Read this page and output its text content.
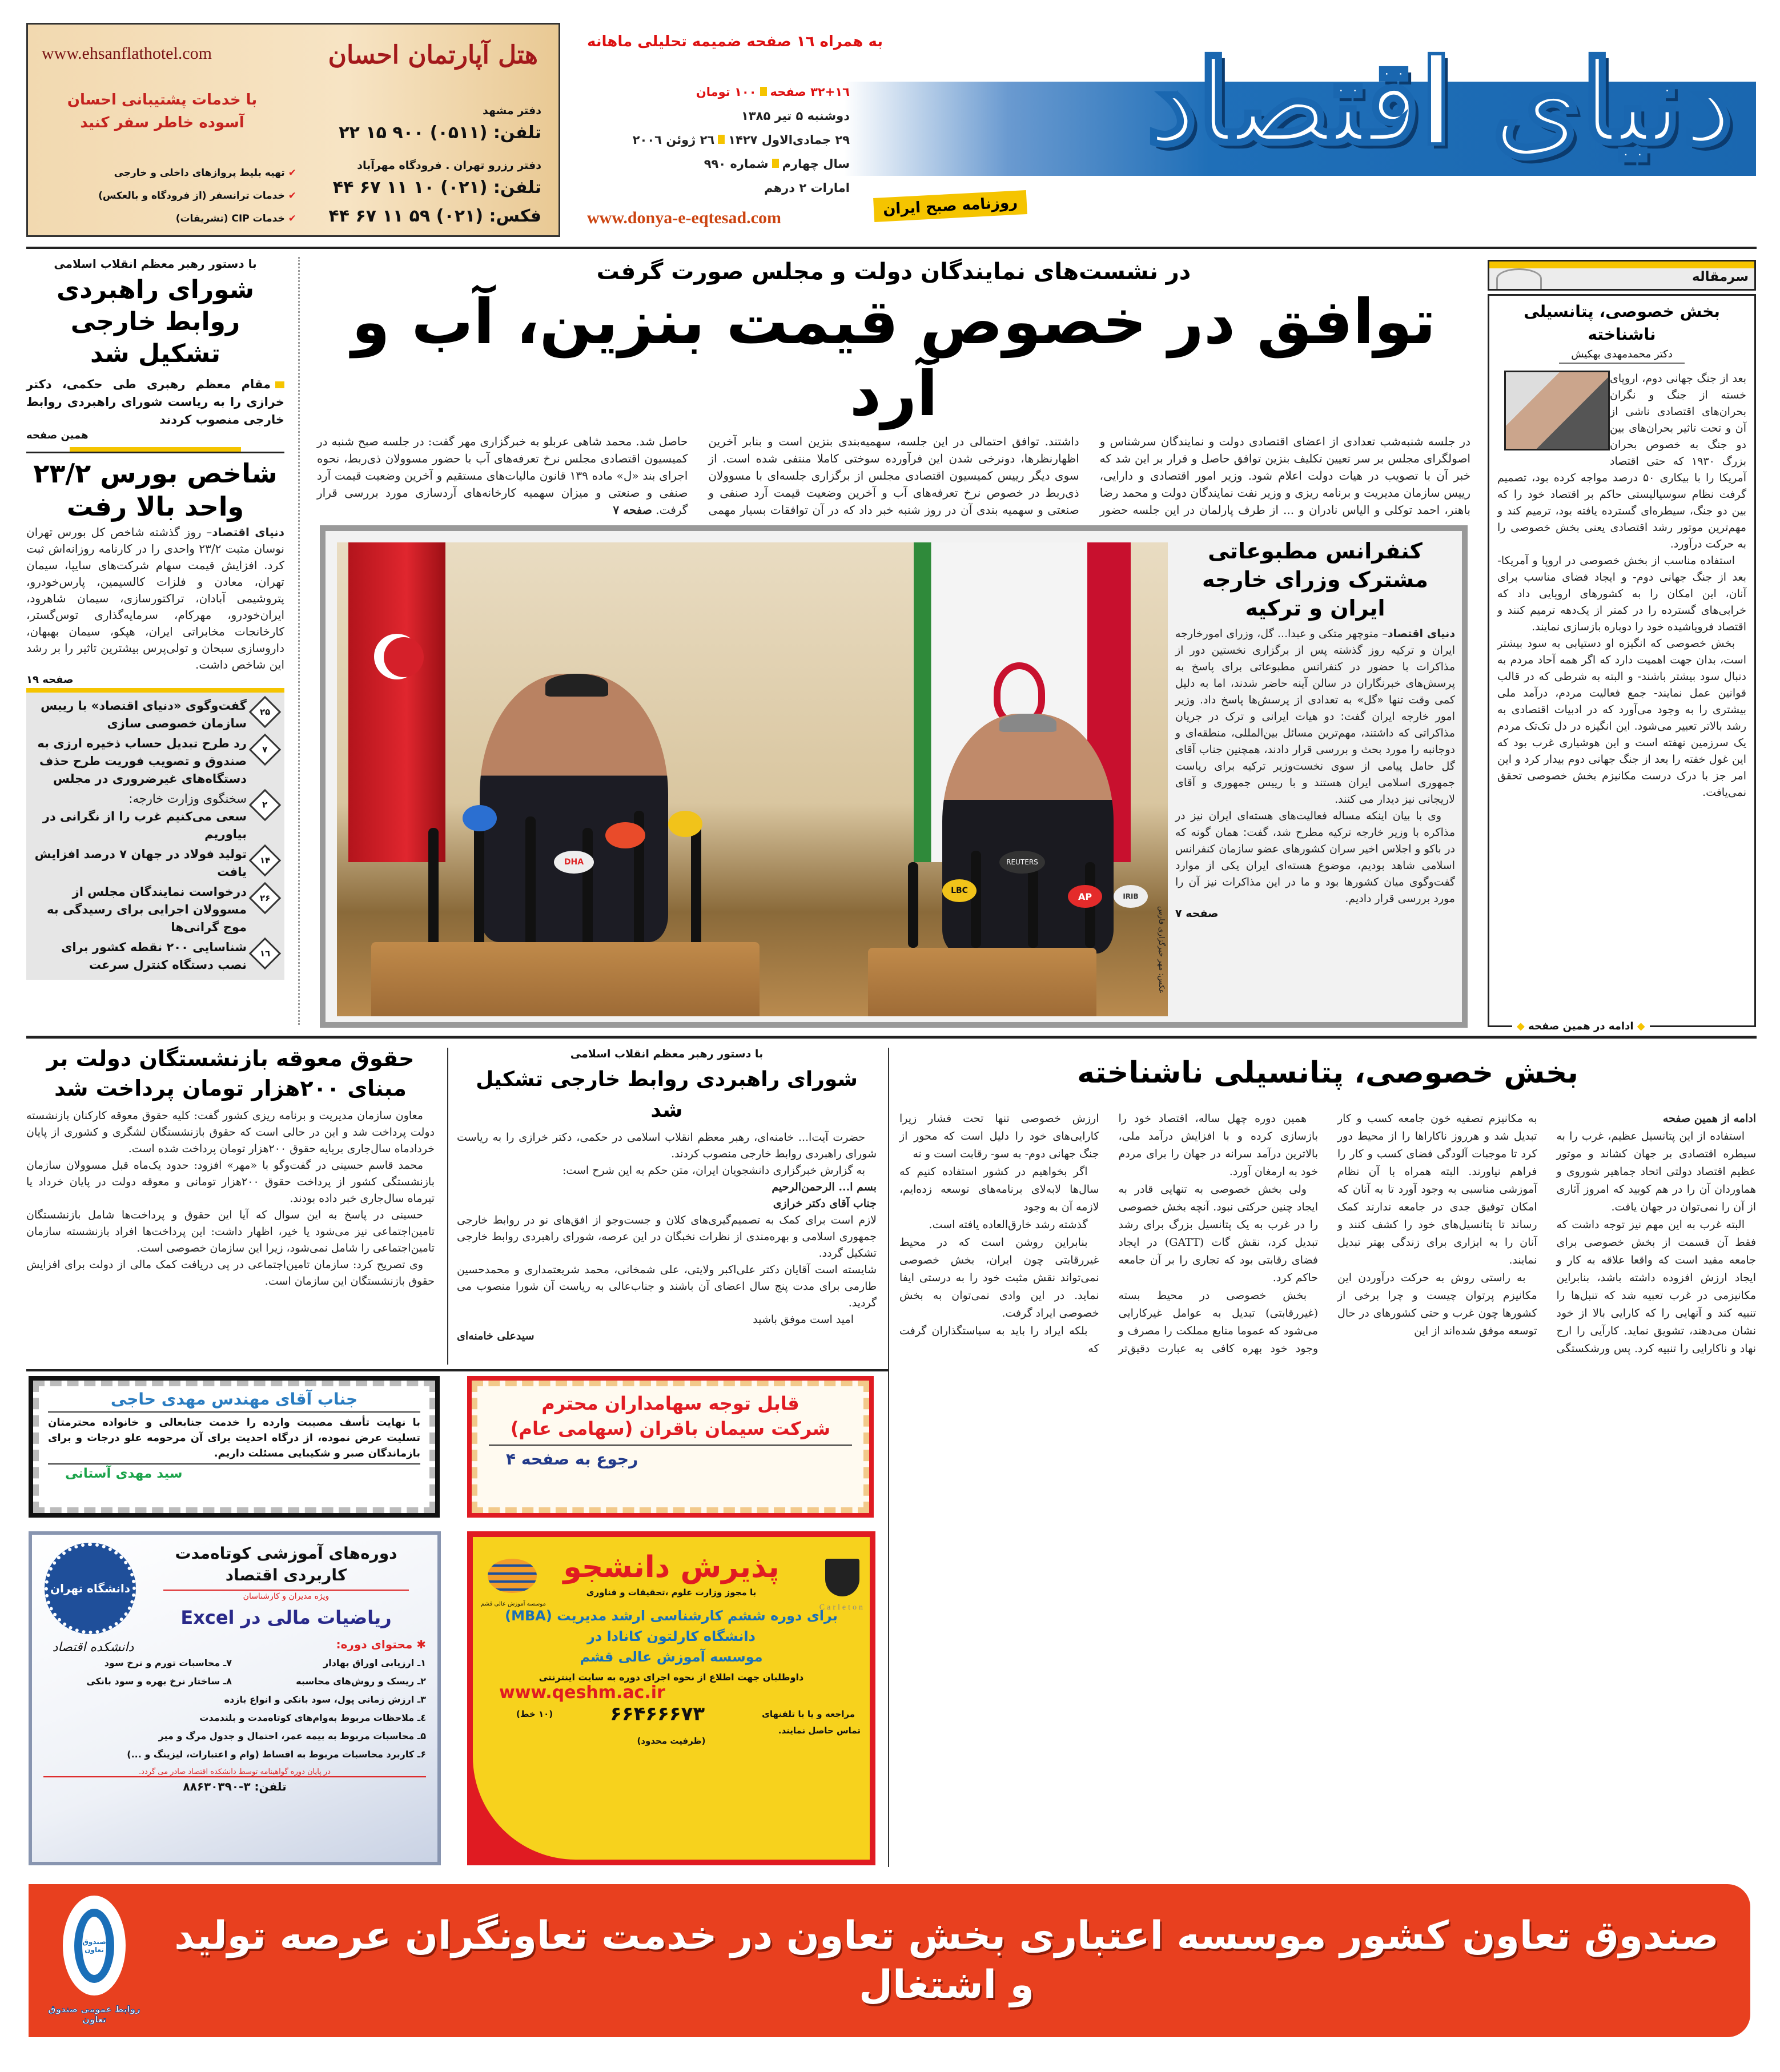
www.ehsanflathotel.com	هتل آپارتمان احسان
با خدمات پشتیبانی احسان
آسوده خاطر سفر کنید
✔تهیه بلیط پروازهای داخلی و خارجی
✔خدمات ترانسفر (از فرودگاه و بالعکس)
✔خدمات CIP (تشریفات)
دفتر مشهد
تلفن: (۰۵۱۱) ۹۰۰ ۱۵ ۲۲
دفتر رزرو تهران . فرودگاه مهرآباد
تلفن: (۰۲۱) ۱۰ ۱۱ ۶۷ ۴۴
فکس: (۰۲۱) ۵۹ ۱۱ ۶۷ ۴۴
دنیای اقتصاد
روزنامه صبح ایران
به همراه ۱٦ صفحه ضمیمه تحلیلی ماهانه
۱٦+۳۲ صفحه۱۰۰ تومان
دوشنبه ۵ تیر ۱۳۸۵
۲۹ جمادی‌الاول ۱۴۲۷۲٦ ژوئن ۲۰۰٦
سال چهارمشماره ۹۹۰
امارات ۲ درهم
www.donya-e-eqtesad.com
با دستور رهبر معظم انقلاب اسلامی
شورای راهبردی روابط خارجی تشکیل شد
مقام معظم رهبری طی حکمی، دکتر خرازی را به ریاست شورای راهبردی روابط خارجی منصوب کردند
همین صفحه
شاخص بورس ۲۳/۲ واحد بالا رفت
دنیای اقتصاد– روز گذشته شاخص کل بورس تهران نوسان مثبت ۲۳/۲ واحدی را در کارنامه روزانه‌اش ثبت کرد. افزایش قیمت سهام شرکت‌های سایپا، سیمان تهران، معادن و فلزات کالسیمین، پارس‌خودرو، پتروشیمی آبادان، تراکتورسازی، سیمان شاهرود، ایران‌خودرو، مهرکام، سرمایه‌گذاری توس‌گستر، کارخانجات مخابراتی ایران، هپکو، سیمان بهبهان، داروسازی سبحان و تولی‌پرس بیشترین تاثیر را بر رشد این شاخص داشت.
صفحه ۱۹
۲۵
گفت‌وگوی «دنیای اقتصاد» با رییس سازمان خصوصی سازی
۷
رد طرح تبدیل حساب ذخیره ارزی به صندوق و تصویب فوریت طرح حذف دستگاه‌های غیرضروری در مجلس
۲
سخنگوی وزارت خارجه:
سعی می‌کنیم غرب را از نگرانی در بیاوریم
۱۴
تولید فولاد در جهان ۷ درصد افزایش یافت
۲۶
درخواست نمایندگان مجلس از مسوولان اجرایی برای رسیدگی به موج گرانی‌ها
۱٦
شناسایی ۲۰۰ نقطه کشور برای نصب دستگاه کنترل سرعت
در نشست‌های نمایندگان دولت و مجلس صورت گرفت
توافق در خصوص قیمت بنزین، آب و آرد
در جلسه شنبه‌شب تعدادی از اعضای اقتصادی دولت و نمایندگان سرشناس و اصولگرای مجلس بر سر تعیین تکلیف بنزین توافق حاصل و قرار بر این شد که خبر آن با تصویب در هیات دولت اعلام شود. وزیر امور اقتصادی و دارایی، رییس سازمان مدیریت و برنامه ریزی و وزیر نفت نمایندگان دولت و محمد رضا باهنر، احمد توکلی و الیاس نادران و ... از طرف پارلمان در این جلسه حضور داشتند. توافق احتمالی در این جلسه، سهمیه‌بندی بنزین است و بنابر آخرین اظهارنظرها، دونرخی شدن این فرآورده سوختی کاملا منتفی شده است. از سوی دیگر رییس کمیسیون اقتصادی مجلس از برگزاری جلسه‌ای با مسوولان ذی‌ربط در خصوص نرخ تعرفه‌های آب و آخرین وضعیت قیمت آرد صنفی و صنعتی و سهمیه بندی آن در روز شنبه خبر داد که در آن توافقات بسیار مهمی حاصل شد. محمد شاهی عربلو به خبرگزاری مهر گفت: در جلسه صبح شنبه در کمیسیون اقتصادی مجلس نرخ تعرفه‌های آب با حضور مسوولان ذی‌ربط، نحوه اجرای بند «ل» ماده ۱۳۹ قانون مالیات‌های مستقیم و آخرین وضعیت قیمت آرد صنفی و صنعتی و میزان سهمیه کارخانه‌های آردسازی مورد بررسی قرار گرفت. صفحه ۷
LBC
REUTERS
AP
DHA
IRIB
عکس: مهر خبرگزاری فارس
کنفرانس مطبوعاتی مشترک وزرای خارجه ایران و ترکیه
دنیای اقتصاد– منوچهر متکی و عبدا... گل، وزرای امورخارجه ایران و ترکیه روز گذشته پس از برگزاری نخستین دور از مذاکرات با حضور در کنفرانس مطبوعاتی برای پاسخ به پرسش‌های خبرنگاران در سالن آینه حاضر شدند، اما به دلیل کمی وقت تنها «گل» به تعدادی از پرسش‌ها پاسخ داد. وزیر امور خارجه ایران گفت: دو هیات ایرانی و ترک در جریان مذاکراتی که داشتند، مهم‌ترین مسائل بین‌المللی، منطقه‌ای و دوجانبه را مورد بحث و بررسی قرار دادند، همچنین جناب آقای گل حامل پیامی از سوی نخست‌وزیر ترکیه برای ریاست جمهوری اسلامی ایران هستند و با رییس جمهوری و آقای لاریجانی نیز دیدار می کنند.
وی با بیان اینکه مساله فعالیت‌های هسته‌ای ایران نیز در مذاکره با وزیر خارجه ترکیه مطرح شد، گفت: همان گونه که در باکو و اجلاس اخیر سران کشورهای عضو سازمان کنفرانس اسلامی شاهد بودیم، موضوع هسته‌ای ایران یکی از موارد گفت‌وگوی میان کشورها بود و ما در این مذاکرات نیز آن را مورد بررسی قرار دادیم.
صفحه ۷
سرمقاله
بخش خصوصی، پتانسیلی ناشناخته
دکتر محمدمهدی بهکیش
بعد از جنگ جهانی دوم، اروپای خسته از جنگ و نگران بحران‌های اقتصادی ناشی از آن و تحت تاثیر بحران‌های بین دو جنگ به خصوص بحران بزرگ ۱۹۳۰ که حتی اقتصاد آمریکا را با بیکاری ۵۰ درصد مواجه کرده بود، تصمیم گرفت نظام سوسیالیستی حاکم بر اقتصاد خود را که بین دو جنگ، سیطره‌ای گسترده یافته بود، ترمیم کند و مهم‌ترین موتور رشد اقتصادی یعنی بخش خصوصی را به حرکت درآورد.
استفاده مناسب از بخش خصوصی در اروپا و آمریکا- بعد از جنگ جهانی دوم- و ایجاد فضای مناسب برای آنان، این امکان را به کشورهای اروپایی داد که خرابی‌های گسترده را در کمتر از یک‌دهه ترمیم کنند و اقتصاد فروپاشیده خود را دوباره بازسازی نمایند.
بخش خصوصی که انگیزه او دستیابی به سود بیشتر است، بدان جهت اهمیت دارد که اگر همه آحاد مردم به دنبال سود بیشتر باشند- و البته به شرطی که در قالب قوانین عمل نمایند- جمع فعالیت مردم، درآمد ملی بیشتری را به وجود می‌آورد که در ادبیات اقتصادی به رشد بالاتر تعبیر می‌شود. این انگیزه در دل تک‌تک مردم یک سرزمین نهفته است و این هوشیاری غرب بود که این غول خفته را بعد از جنگ جهانی دوم بیدار کرد و این امر جز با درک درست مکانیزم بخش خصوصی تحقق نمی‌یافت.
◆ ادامه در همین صفحه ◆
حقوق معوقه بازنشستگان دولت بر مبنای ۲۰۰هزار تومان پرداخت شد

معاون سازمان مدیریت و برنامه ریزی کشور گفت: کلیه حقوق معوقه کارکنان بازنشسته دولت پرداخت شد و این در حالی است که حقوق بازنشستگان لشگری و کشوری از پایان خردادماه سال‌جاری برپایه حقوق ۲۰۰هزار تومان پرداخت شده است.

محمد قاسم حسینی در گفت‌وگو با «مهر» افزود: حدود یک‌ماه قبل مسوولان سازمان بازنشستگی کشور از پرداخت حقوق ۲۰۰هزار تومانی و معوقه دولت در پایان خرداد یا تیرماه سال‌جاری خبر داده بودند.

حسینی در پاسخ به این سوال که آیا این حقوق و پرداخت‌ها شامل بازنشستگان تامین‌اجتماعی نیز می‌شود یا خیر، اظهار داشت: این پرداخت‌ها افراد بازنشسته سازمان تامین‌اجتماعی را شامل نمی‌شود، زیرا این سازمان خصوصی است.

وی تصریح کرد: سازمان تامین‌اجتماعی در پی دریافت کمک مالی از دولت برای افزایش حقوق بازنشستگان این سازمان است.

با دستور رهبر معظم انقلاب اسلامی
شورای راهبردی روابط خارجی تشکیل شد

حضرت آیت‌ا... خامنه‌ای، رهبر معظم انقلاب اسلامی در حکمی، دکتر خرازی را به ریاست شورای راهبردی روابط خارجی منصوب کردند.

به گزارش خبرگزاری دانشجویان ایران، متن حکم به این شرح است:

بسم ا... الرحمن‌الرحیم

جناب آقای دکتر خرازی

لازم است برای کمک به تصمیم‌گیری‌های کلان و جست‌وجو از افق‌های نو در روابط خارجی جمهوری اسلامی و بهره‌مندی از نظرات نخبگان در این عرصه، شورای راهبردی روابط خارجی تشکیل گردد.

شایسته است آقایان دکتر علی‌اکبر ولایتی، علی شمخانی، محمد شریعتمداری و محمدحسین طارمی برای مدت پنج سال اعضای آن باشند و جناب‌عالی به ریاست آن شورا منصوب می گردید.

امید است موفق باشید

سیدعلی خامنه‌ای

بخش خصوصی، پتانسیلی ناشناخته

ادامه از همین صفحه

استفاده از این پتانسیل عظیم، غرب را به سیطره اقتصادی بر جهان کشاند و موتور عظیم اقتصاد دولتی اتحاد جماهیر شوروی و هماوردان آن را در هم کوبید که امروز آثاری از آن را نمی‌توان در جهان یافت.

البته غرب به این مهم نیز توجه داشت که فقط آن قسمت از بخش خصوصی برای جامعه مفید است که واقعا علاقه به کار و ایجاد ارزش افزوده داشته باشد، بنابراین مکانیزمی در غرب تعبیه شد که تنبل‌ها را تنبیه کند و آنهایی را که کارایی بالا از خود نشان می‌دهند، تشویق نماید. کارآیی را ارج نهاد و ناکارایی را تنبیه کرد. پس ورشکستگی به مکانیزم تصفیه خون جامعه کسب و کار تبدیل شد و هرروز ناکاراها را از محیط دور کرد تا موجبات آلودگی فضای کسب و کار را فراهم نیاورند. البته همراه با آن نظام آموزشی مناسبی به وجود آورد تا به آنان که امکان توفیق جدی در جامعه ندارند کمک رساند تا پتانسیل‌های خود را کشف کنند و آنان را به ابزاری برای زندگی بهتر تبدیل نمایند.

به راستی روش به حرکت درآوردن این مکانیزم پرتوان چیست و چرا برخی از کشورها چون غرب و حتی کشورهای در حال توسعه موفق شده‌اند از این

همین دوره چهل ساله، اقتصاد خود را بازسازی کرده و با افزایش درآمد ملی، بالاترین درآمد سرانه در جهان را برای مردم خود به ارمغان آورد.

ولی بخش خصوصی به تنهایی قادر به ایجاد چنین حرکتی نبود. آنچه بخش خصوصی را در غرب به یک پتانسیل بزرگ برای رشد تبدیل کرد، نقش گات (GATT) در ایجاد فضای رقابتی بود که تجاری را بر آن جامعه حاکم کرد.

بخش خصوصی در محیط بسته (غیررقابتی) تبدیل به عوامل غیرکارایی می‌شود که عموما منابع مملکت را مصرف و وجود خود بهره کافی به عبارت دقیق‌تر ارزش خصوصی تنها تحت فشار زیرا کارایی‌های خود را دلیل است که محور از جنگ جهانی دوم- به سو- رقابت است و نه

اگر بخواهیم در کشور استفاده کنیم که سال‌ها لابه‌لای برنامه‌های توسعه زده‌ایم، لازمه آن به وجود

گذشته رشد خارق‌العاده یافته است.

بنابراین روشن است که در محیط غیررقابتی چون ایران، بخش خصوصی نمی‌تواند نقش مثبت خود را به درستی ایفا نماید. در این وادی نمی‌توان به بخش خصوصی ایراد گرفت.

بلکه ایراد را باید به سیاستگذاران گرفت که

جناب آقای مهندس مهدی حاجی
با نهایت تأسف مصیبت وارده را خدمت جنابعالی و خانواده محترمتان تسلیت عرض نموده، از درگاه احدیت برای آن مرحومه علو درجات و برای بازماندگان صبر و شکیبایی مسئلت داریم.
سید مهدی آستانی
دانشگاه تهران
دانشکده اقتصاد
دوره‌های آموزشی کوتاه‌مدت کاربردی اقتصاد
ویژه مدیران و کارشناسان
ریاضیات مالی در Excel
✱ محتوای دوره:
۱ـ ارزیابی اوراق بهادار
۷ـ محاسبات تورم و نرخ سود
۲ـ ریسک و روش‌های محاسبه
۸ـ ساختار نرخ بهره و سود بانکی
۳ـ ارزش زمانی پول، سود بانکی و انواع بازده
٤ـ ملاحظات مربوط به‌وام‌های کوتاه‌مدت و بلندمدت
۵ـ محاسبات مربوط به بیمه عمر، احتمال و جدول مرگ و میر
۶ـ کاربرد محاسبات مربوط به اقساط (وام و اعتبارات، لیزینگ و ...)
در پایان دوره گواهینامه توسط دانشکده اقتصاد صادر می گردد.
تلفن: ۳-۸۸۶۳۰۳۹۰
قابل توجه سهامداران محترم
شرکت سیمان باقران (سهامی عام)
رجوع به صفحه ۴
Carleton
موسسه آموزش عالی قشم
پذیرش دانشجو
با مجوز وزارت علوم ،تحقیقات و فناوری
برای دوره ششم کارشناسی ارشد مدیریت (MBA)
دانشگاه کارلتون کانادا در
موسسه آموزش عالی قشم
داوطلبان جهت اطلاع از نحوه اجرای دوره به سایت اینترنتی
www.qeshm.ac.ir
مراجعه و یا با تلفنهای
۶۶۴۶۶۶۷۳
(۱۰ خط)
تماس حاصل نمایند.
(ظرفیت محدود)
صندوق تعاون
روابط عمومی صندوق تعاون
صندوق تعاون کشور موسسه اعتباری بخش تعاون در خدمت تعاونگران عرصه تولید و اشتغال
